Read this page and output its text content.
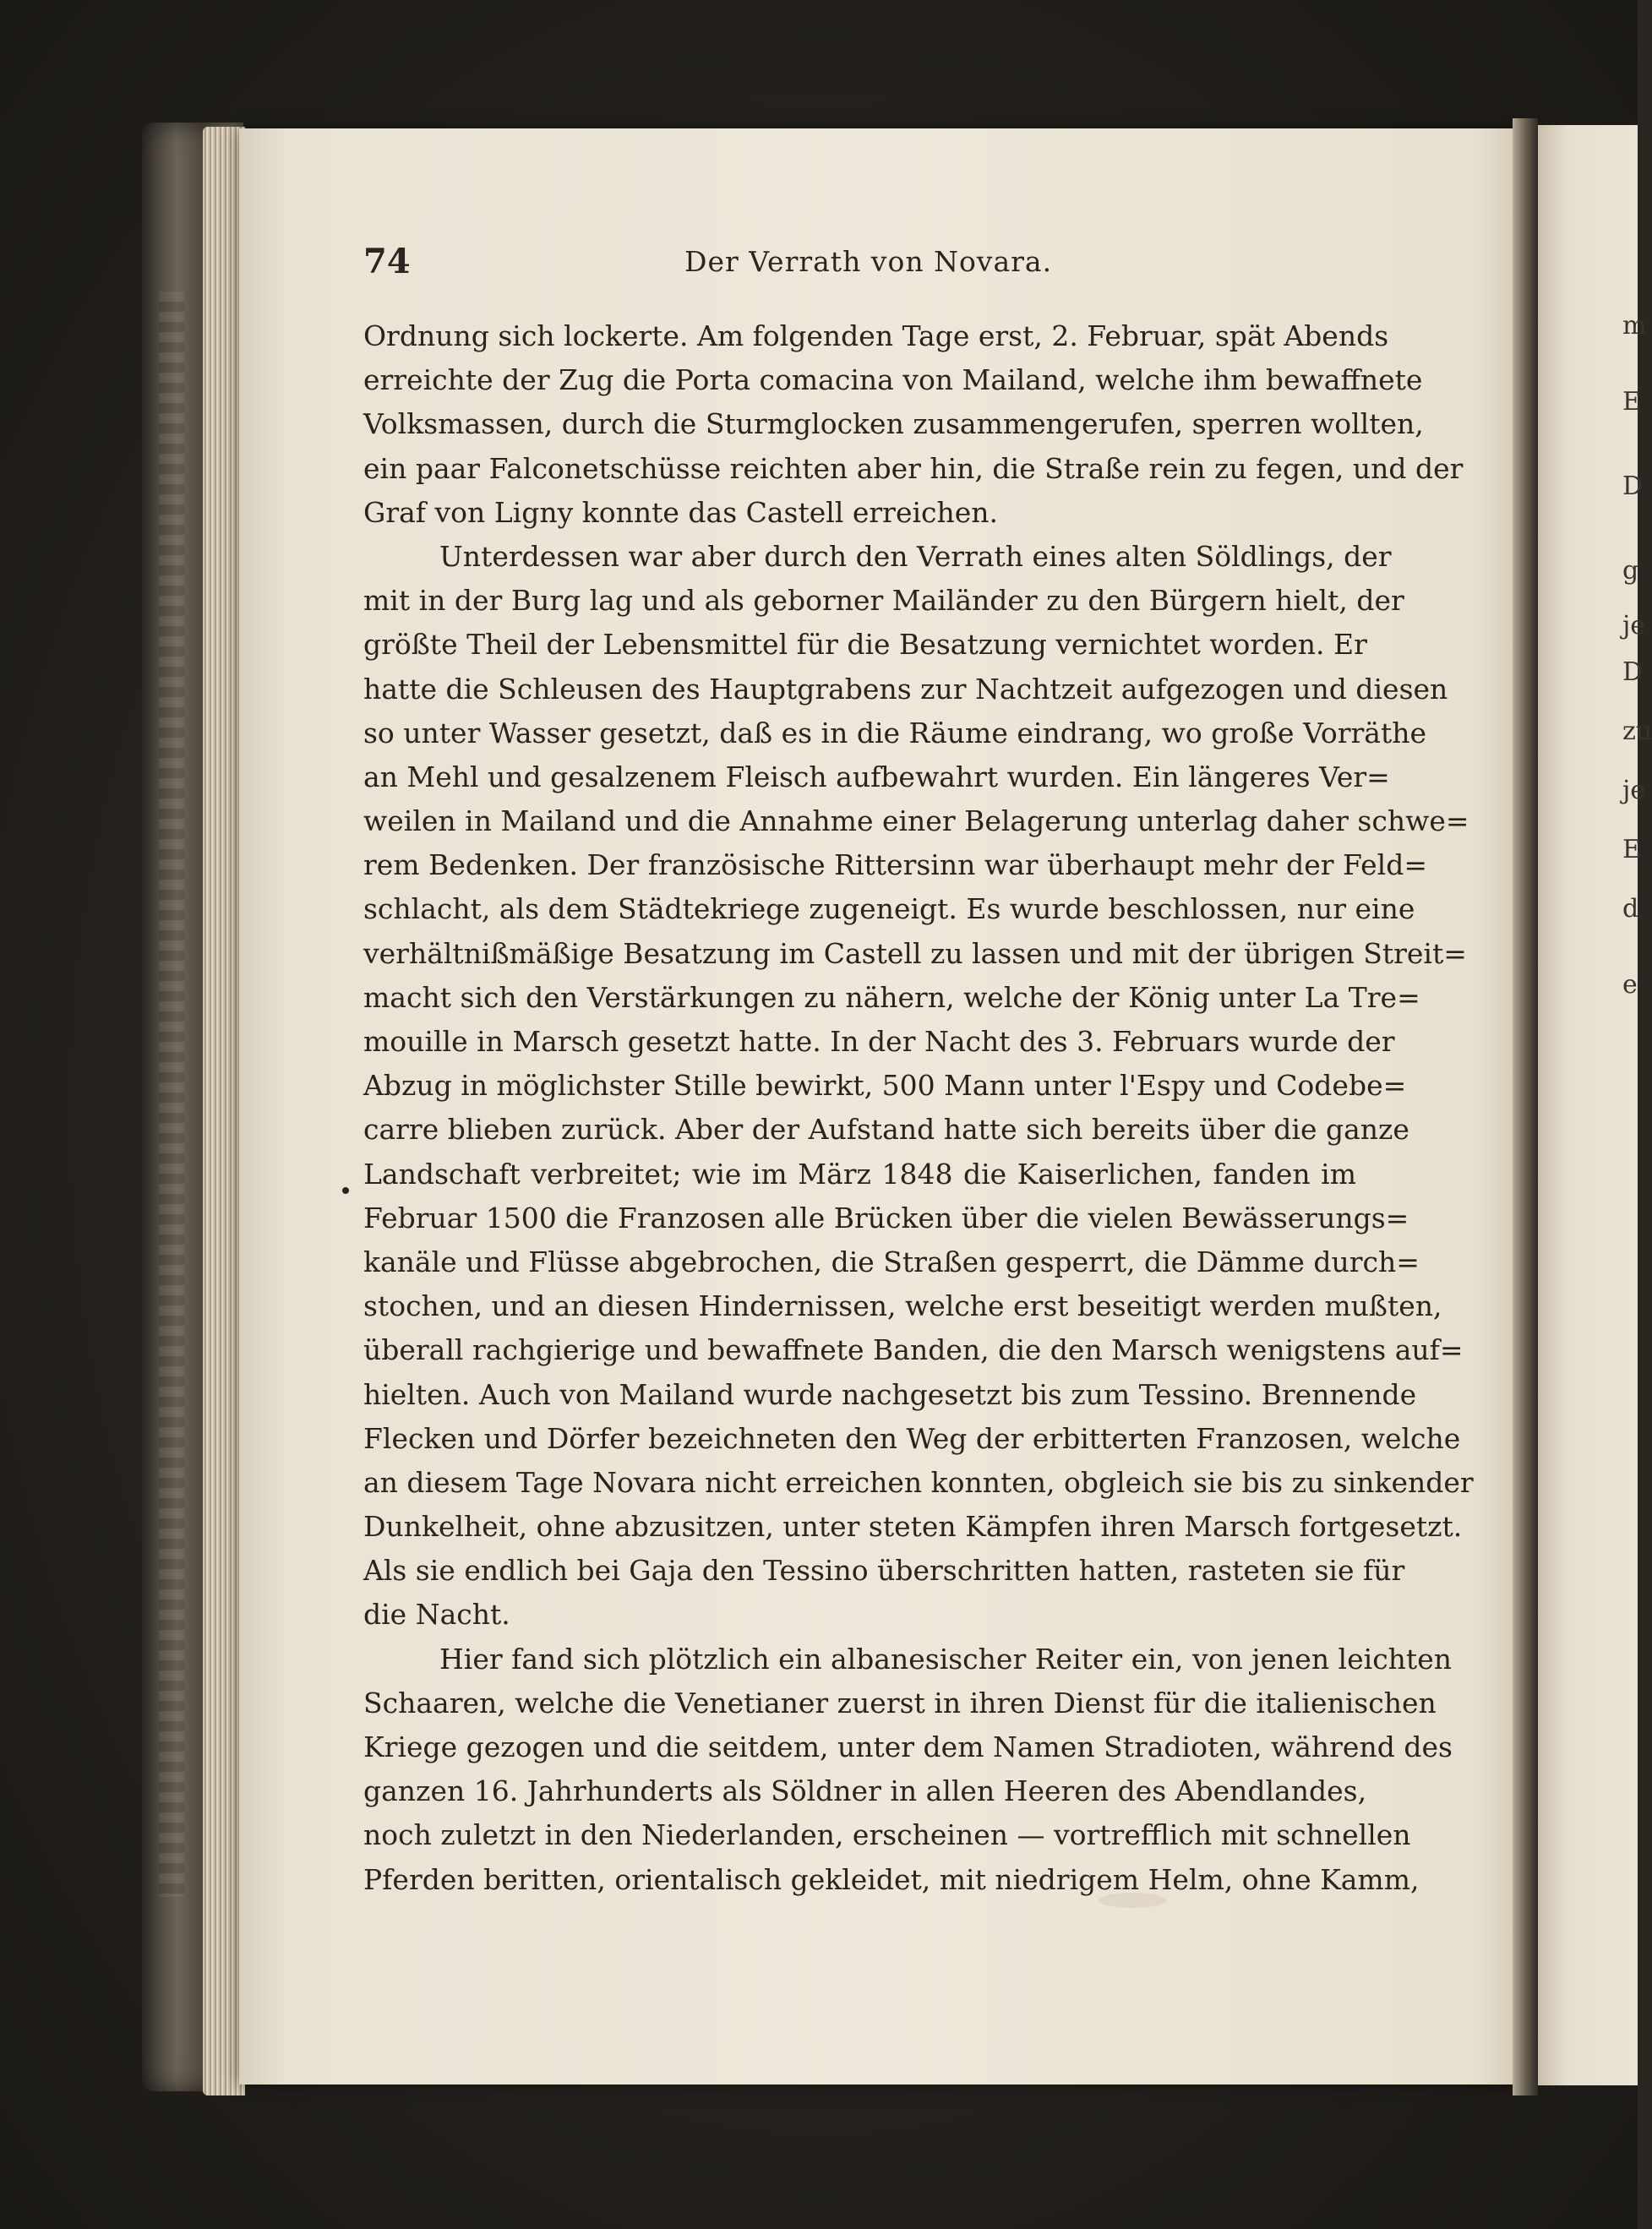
m
E
D
g
je
D
zu
je
E
d
e
74	Der Verrath von Novara.
Ordnung sich lockerte. Am folgenden Tage erst, 2. Februar, spät Abends
erreichte der Zug die Porta comacina von Mailand, welche ihm bewaffnete
Volksmassen, durch die Sturmglocken zusammengerufen, sperren wollten,
ein paar Falconetschüsse reichten aber hin, die Straße rein zu fegen, und der
Graf von Ligny konnte das Castell erreichen.
Unterdessen war aber durch den Verrath eines alten Söldlings, der
mit in der Burg lag und als geborner Mailänder zu den Bürgern hielt, der
größte Theil der Lebensmittel für die Besatzung vernichtet worden. Er
hatte die Schleusen des Hauptgrabens zur Nachtzeit aufgezogen und diesen
so unter Wasser gesetzt, daß es in die Räume eindrang, wo große Vorräthe
an Mehl und gesalzenem Fleisch aufbewahrt wurden. Ein längeres Ver=
weilen in Mailand und die Annahme einer Belagerung unterlag daher schwe=
rem Bedenken. Der französische Rittersinn war überhaupt mehr der Feld=
schlacht, als dem Städtekriege zugeneigt. Es wurde beschlossen, nur eine
verhältnißmäßige Besatzung im Castell zu lassen und mit der übrigen Streit=
macht sich den Verstärkungen zu nähern, welche der König unter La Tre=
mouille in Marsch gesetzt hatte. In der Nacht des 3. Februars wurde der
Abzug in möglichster Stille bewirkt, 500 Mann unter l'Espy und Codebe=
carre blieben zurück. Aber der Aufstand hatte sich bereits über die ganze
Landschaft verbreitet; wie im März 1848 die Kaiserlichen, fanden im
Februar 1500 die Franzosen alle Brücken über die vielen Bewässerungs=
kanäle und Flüsse abgebrochen, die Straßen gesperrt, die Dämme durch=
stochen, und an diesen Hindernissen, welche erst beseitigt werden mußten,
überall rachgierige und bewaffnete Banden, die den Marsch wenigstens auf=
hielten. Auch von Mailand wurde nachgesetzt bis zum Tessino. Brennende
Flecken und Dörfer bezeichneten den Weg der erbitterten Franzosen, welche
an diesem Tage Novara nicht erreichen konnten, obgleich sie bis zu sinkender
Dunkelheit, ohne abzusitzen, unter steten Kämpfen ihren Marsch fortgesetzt.
Als sie endlich bei Gaja den Tessino überschritten hatten, rasteten sie für
die Nacht.
Hier fand sich plötzlich ein albanesischer Reiter ein, von jenen leichten
Schaaren, welche die Venetianer zuerst in ihren Dienst für die italienischen
Kriege gezogen und die seitdem, unter dem Namen Stradioten, während des
ganzen 16. Jahrhunderts als Söldner in allen Heeren des Abendlandes,
noch zuletzt in den Niederlanden, erscheinen — vortrefflich mit schnellen
Pferden beritten, orientalisch gekleidet, mit niedrigem Helm, ohne Kamm,
